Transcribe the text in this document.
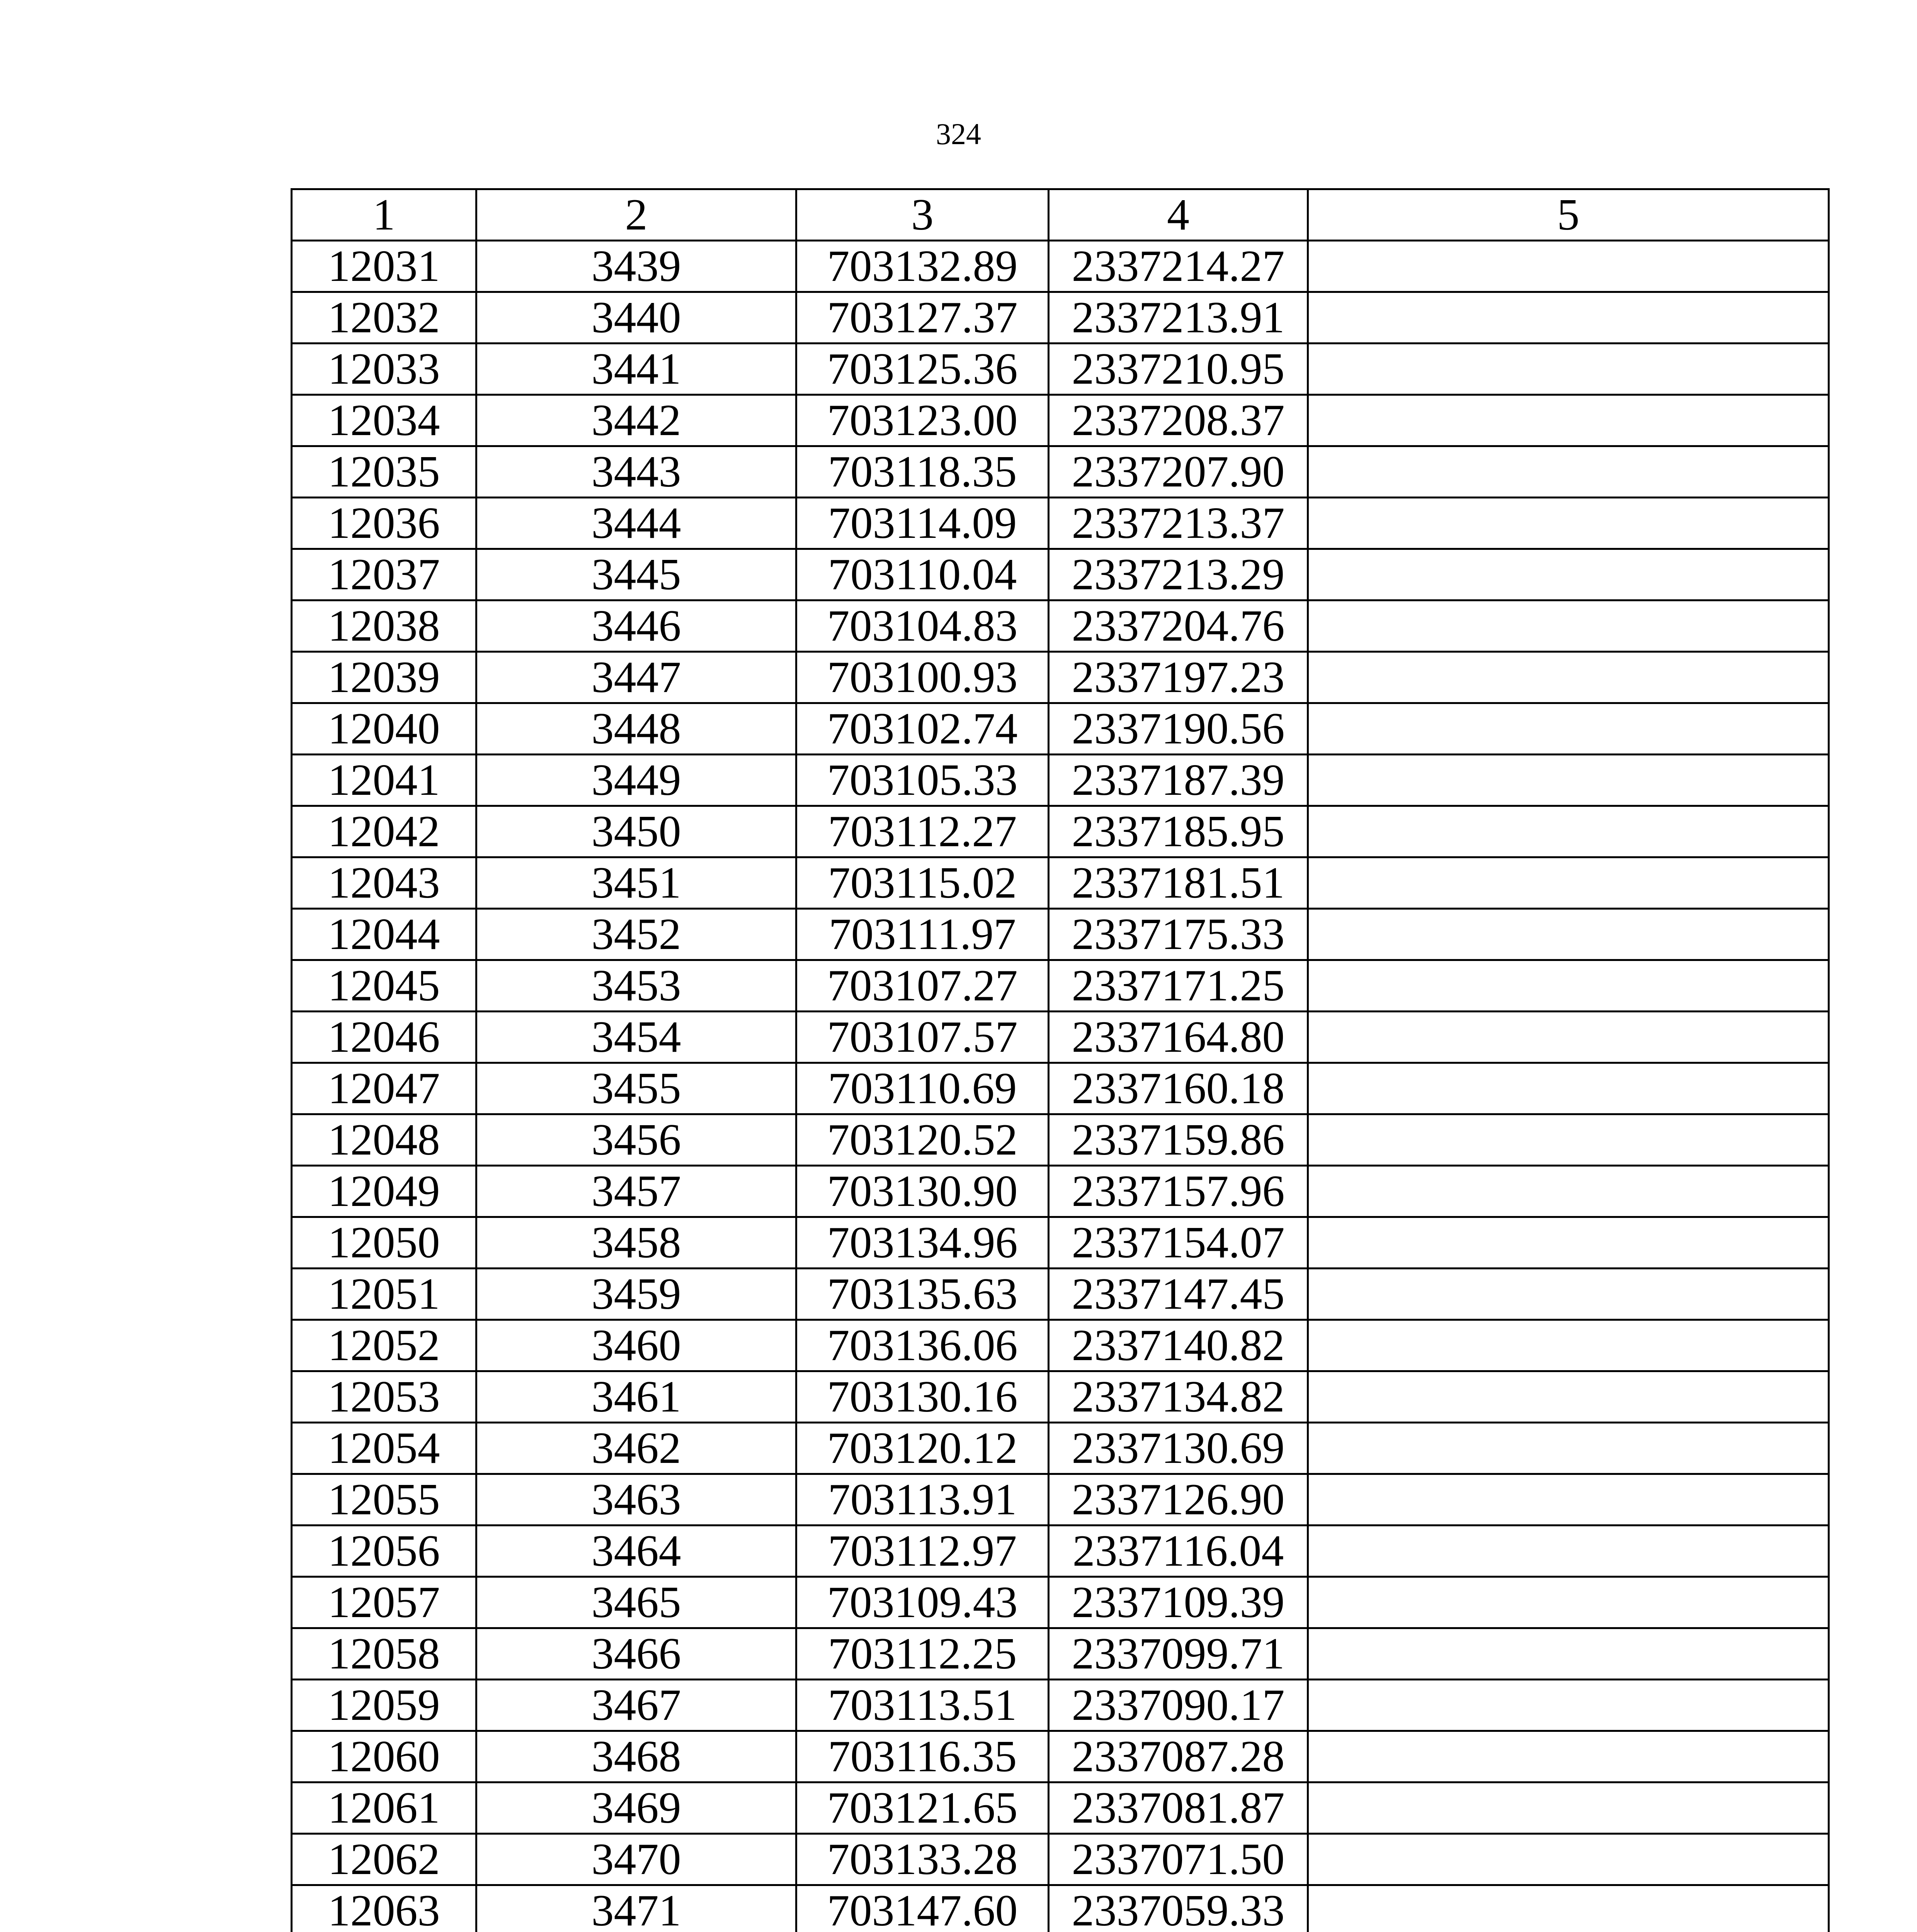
324
1	2	3	4	5
12031	3439	703132.89	2337214.27	
12032	3440	703127.37	2337213.91	
12033	3441	703125.36	2337210.95	
12034	3442	703123.00	2337208.37	
12035	3443	703118.35	2337207.90	
12036	3444	703114.09	2337213.37	
12037	3445	703110.04	2337213.29	
12038	3446	703104.83	2337204.76	
12039	3447	703100.93	2337197.23	
12040	3448	703102.74	2337190.56	
12041	3449	703105.33	2337187.39	
12042	3450	703112.27	2337185.95	
12043	3451	703115.02	2337181.51	
12044	3452	703111.97	2337175.33	
12045	3453	703107.27	2337171.25	
12046	3454	703107.57	2337164.80	
12047	3455	703110.69	2337160.18	
12048	3456	703120.52	2337159.86	
12049	3457	703130.90	2337157.96	
12050	3458	703134.96	2337154.07	
12051	3459	703135.63	2337147.45	
12052	3460	703136.06	2337140.82	
12053	3461	703130.16	2337134.82	
12054	3462	703120.12	2337130.69	
12055	3463	703113.91	2337126.90	
12056	3464	703112.97	2337116.04	
12057	3465	703109.43	2337109.39	
12058	3466	703112.25	2337099.71	
12059	3467	703113.51	2337090.17	
12060	3468	703116.35	2337087.28	
12061	3469	703121.65	2337081.87	
12062	3470	703133.28	2337071.50	
12063	3471	703147.60	2337059.33	
